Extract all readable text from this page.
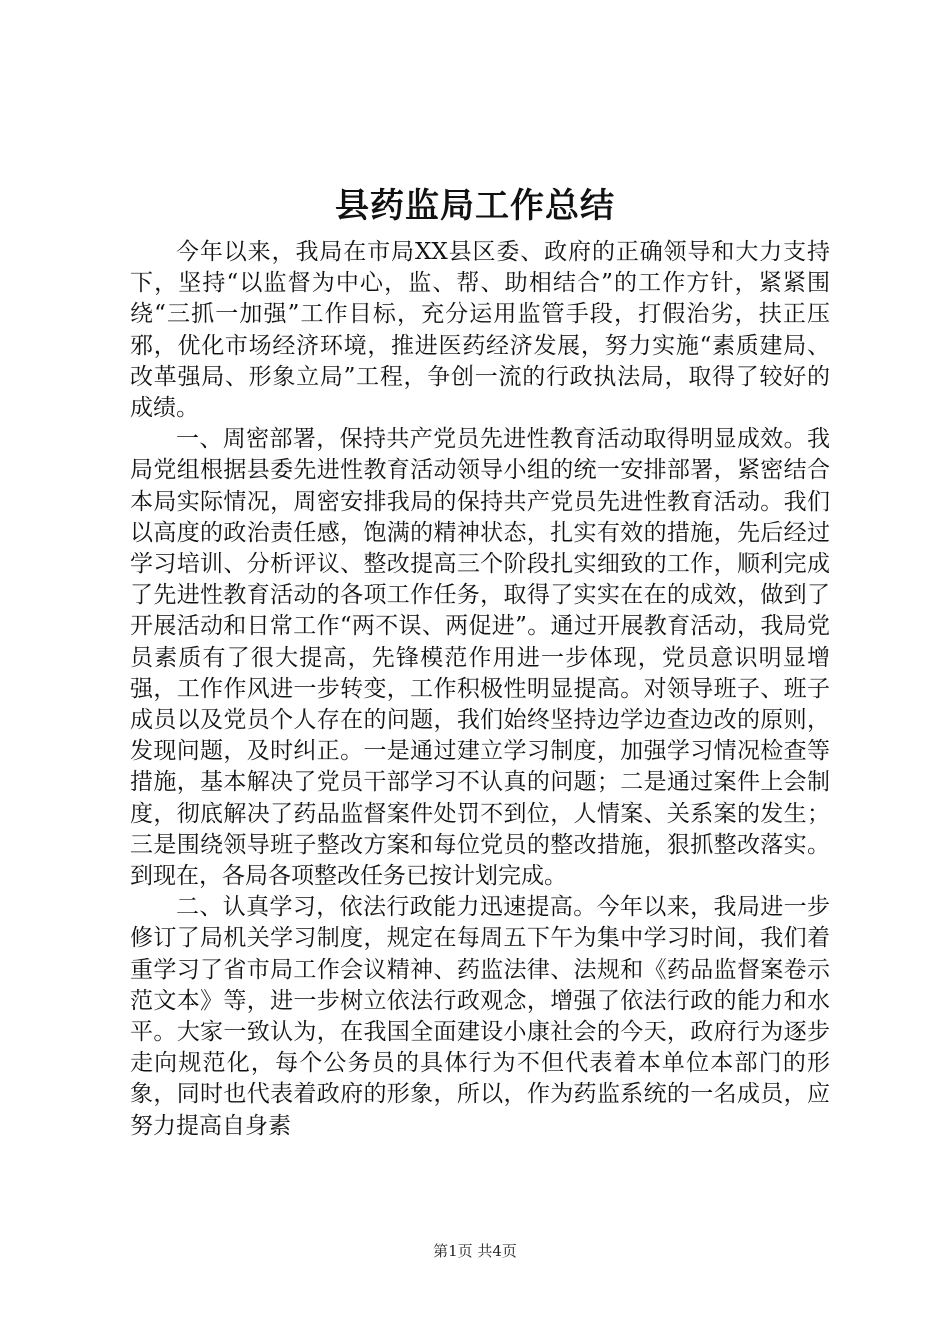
县药监局工作总结

今年以来，我局在市局XX县区委、政府的正确领导和大力支持下，坚持“以监督为中心，监、帮、助相结合”的工作方针，紧紧围绕“三抓一加强”工作目标，充分运用监管手段，打假治劣，扶正压邪，优化市场经济环境，推进医药经济发展，努力实施“素质建局、改革强局、形象立局”工程，争创一流的行政执法局，取得了较好的成绩。

一、周密部署，保持共产党员先进性教育活动取得明显成效。我局党组根据县委先进性教育活动领导小组的统一安排部署，紧密结合本局实际情况，周密安排我局的保持共产党员先进性教育活动。我们以高度的政治责任感，饱满的精神状态，扎实有效的措施，先后经过学习培训、分析评议、整改提高三个阶段扎实细致的工作，顺利完成了先进性教育活动的各项工作任务，取得了实实在在的成效，做到了开展活动和日常工作“两不误、两促进”。通过开展教育活动，我局党员素质有了很大提高，先锋模范作用进一步体现，党员意识明显增强，工作作风进一步转变，工作积极性明显提高。对领导班子、班子成员以及党员个人存在的问题，我们始终坚持边学边查边改的原则，发现问题，及时纠正。一是通过建立学习制度，加强学习情况检查等措施，基本解决了党员干部学习不认真的问题；二是通过案件上会制度，彻底解决了药品监督案件处罚不到位，人情案、关系案的发生；三是围绕领导班子整改方案和每位党员的整改措施，狠抓整改落实。到现在，各局各项整改任务已按计划完成。

二、认真学习，依法行政能力迅速提高。今年以来，我局进一步修订了局机关学习制度，规定在每周五下午为集中学习时间，我们着重学习了省市局工作会议精神、药监法律、法规和《药品监督案卷示范文本》等，进一步树立依法行政观念，增强了依法行政的能力和水平。大家一致认为，在我国全面建设小康社会的今天，政府行为逐步走向规范化，每个公务员的具体行为不但代表着本单位本部门的形象，同时也代表着政府的形象，所以，作为药监系统的一名成员，应努力提高自身素

第1页 共4页
